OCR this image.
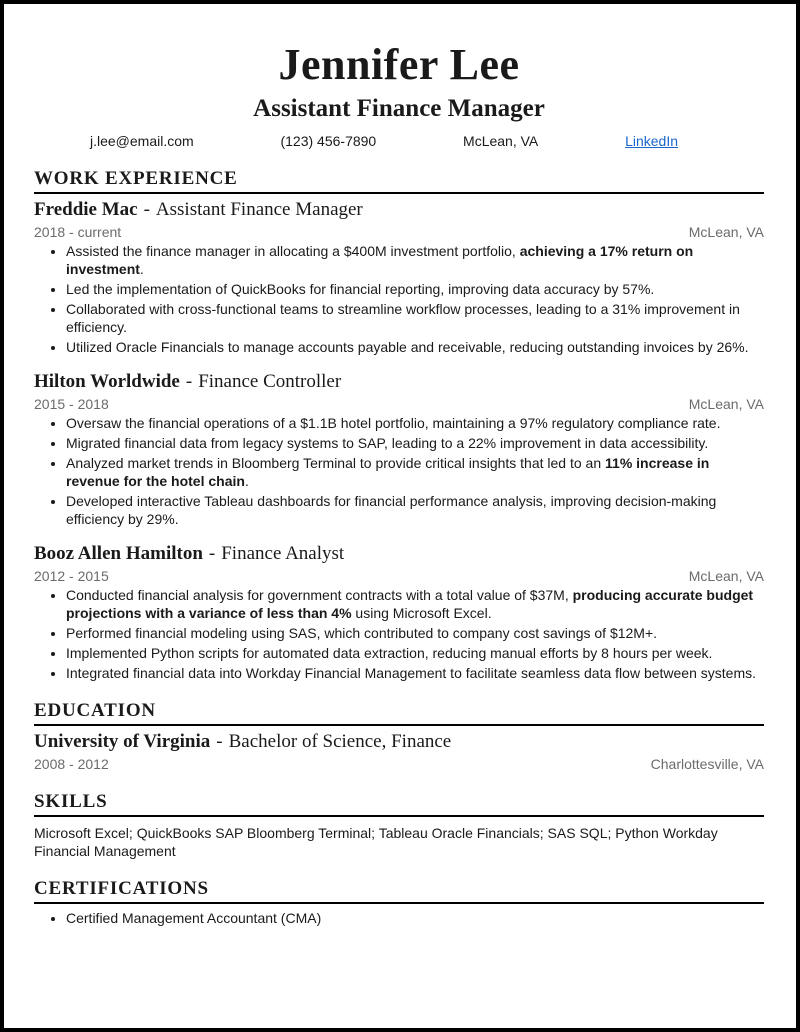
Jennifer Lee
Assistant Finance Manager
j.lee@email.com	(123) 456-7890	McLean, VA	LinkedIn
WORK EXPERIENCE
Freddie Mac - Assistant Finance Manager
2018 - current	McLean, VA
• Assisted the finance manager in allocating a $400M investment portfolio, achieving a 17% return on investment.
• Led the implementation of QuickBooks for financial reporting, improving data accuracy by 57%.
• Collaborated with cross-functional teams to streamline workflow processes, leading to a 31% improvement in efficiency.
• Utilized Oracle Financials to manage accounts payable and receivable, reducing outstanding invoices by 26%.
Hilton Worldwide - Finance Controller
2015 - 2018	McLean, VA
• Oversaw the financial operations of a $1.1B hotel portfolio, maintaining a 97% regulatory compliance rate.
• Migrated financial data from legacy systems to SAP, leading to a 22% improvement in data accessibility.
• Analyzed market trends in Bloomberg Terminal to provide critical insights that led to an 11% increase in revenue for the hotel chain.
• Developed interactive Tableau dashboards for financial performance analysis, improving decision-making efficiency by 29%.
Booz Allen Hamilton - Finance Analyst
2012 - 2015	McLean, VA
• Conducted financial analysis for government contracts with a total value of $37M, producing accurate budget projections with a variance of less than 4% using Microsoft Excel.
• Performed financial modeling using SAS, which contributed to company cost savings of $12M+.
• Implemented Python scripts for automated data extraction, reducing manual efforts by 8 hours per week.
• Integrated financial data into Workday Financial Management to facilitate seamless data flow between systems.
EDUCATION
University of Virginia - Bachelor of Science, Finance
2008 - 2012	Charlottesville, VA
SKILLS
Microsoft Excel; QuickBooks SAP Bloomberg Terminal; Tableau Oracle Financials; SAS SQL; Python Workday Financial Management
CERTIFICATIONS
• Certified Management Accountant (CMA)
